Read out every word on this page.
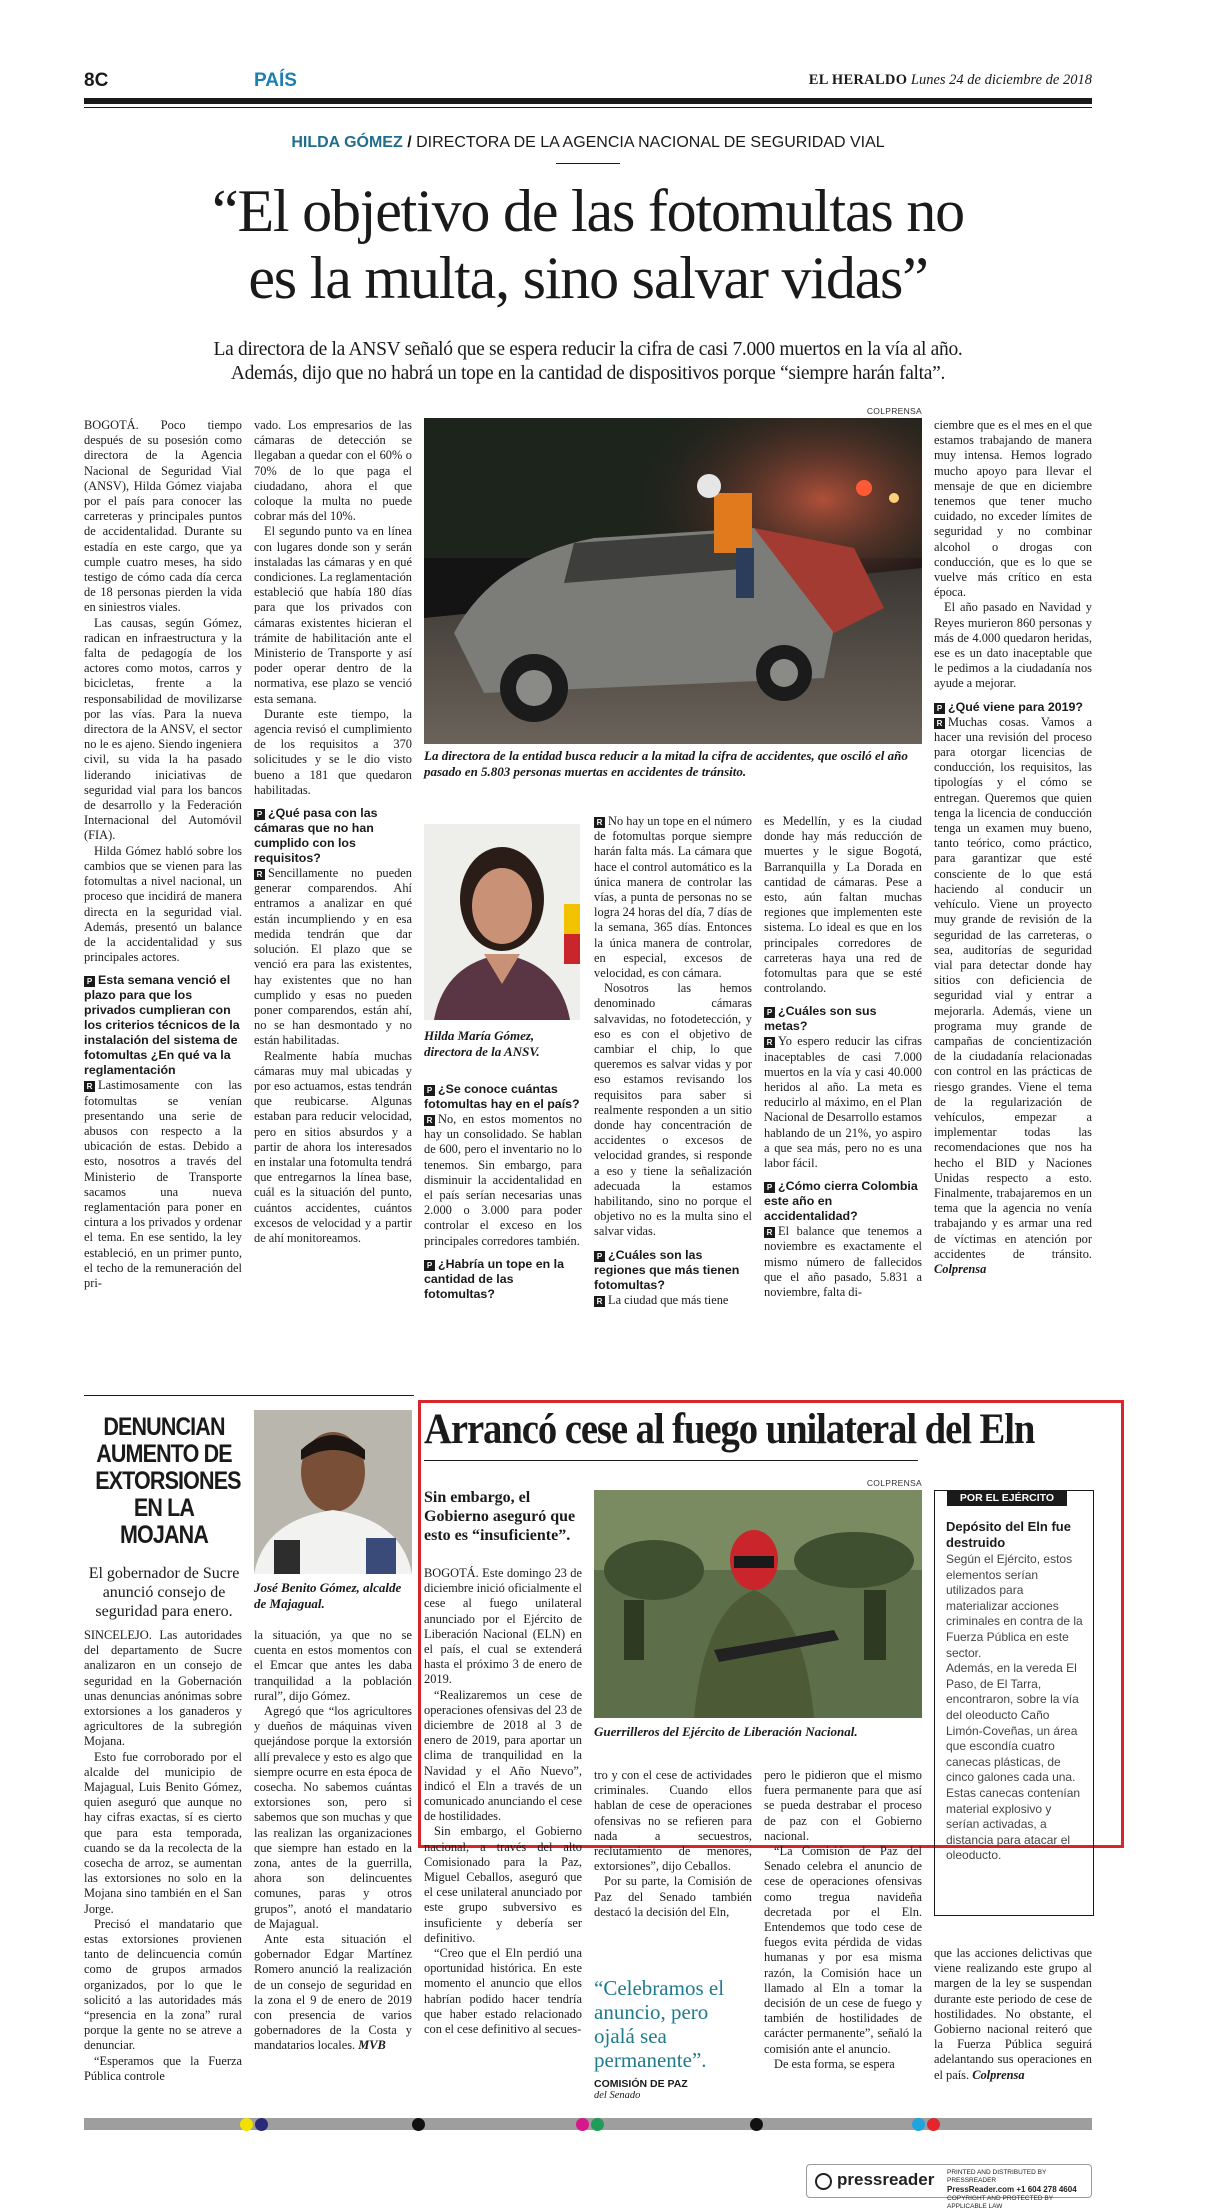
8C	PAÍS	EL HERALDO Lunes 24 de diciembre de 2018
HILDA GÓMEZ / DIRECTORA DE LA AGENCIA NACIONAL DE SEGURIDAD VIAL
“El objetivo de las fotomultas no
es la multa, sino salvar vidas”
La directora de la ANSV señaló que se espera reducir la cifra de casi 7.000 muertos en la vía al año.
Además, dijo que no habrá un tope en la cantidad de dispositivos porque “siempre harán falta”.

BOGOTÁ. Poco tiempo después de su posesión como directora de la Agencia Nacional de Seguridad Vial (ANSV), Hilda Gómez viajaba por el país para conocer las carreteras y principales puntos de accidentalidad. Durante su estadía en este cargo, que ya cumple cuatro meses, ha sido testigo de cómo cada día cerca de 18 personas pierden la vida en siniestros viales.

Las causas, según Gómez, radican en infraestructura y la falta de pedagogía de los actores como motos, carros y bicicletas, frente a la responsabilidad de movilizarse por las vías. Para la nueva directora de la ANSV, el sector no le es ajeno. Siendo ingeniera civil, su vida la ha pasado liderando iniciativas de seguridad vial para los bancos de desarrollo y la Federación Internacional del Automóvil (FIA).

Hilda Gómez habló sobre los cambios que se vienen para las fotomultas a nivel nacional, un proceso que incidirá de manera directa en la seguridad vial. Además, presentó un balance de la accidentalidad y sus principales actores.

P Esta semana venció el plazo para que los privados cumplieran con los criterios técnicos de la instalación del sistema de fotomultas ¿En qué va la reglamentación

R Lastimosamente con las fotomultas se venían presentando una serie de abusos con respecto a la ubicación de estas. Debido a esto, nosotros a través del Ministerio de Transporte sacamos una nueva reglamentación para poner en cintura a los privados y ordenar el tema. En ese sentido, la ley estableció, en un primer punto, el techo de la remuneración del pri-

vado. Los empresarios de las cámaras de detección se llegaban a quedar con el 60% o 70% de lo que paga el ciudadano, ahora el que coloque la multa no puede cobrar más del 10%.

El segundo punto va en línea con lugares donde son y serán instaladas las cámaras y en qué condiciones. La reglamentación estableció que había 180 días para que los privados con cámaras existentes hicieran el trámite de habilitación ante el Ministerio de Transporte y así poder operar dentro de la normativa, ese plazo se venció esta semana.

Durante este tiempo, la agencia revisó el cumplimiento de los requisitos a 370 solicitudes y se le dio visto bueno a 181 que quedaron habilitadas.

P ¿Qué pasa con las cámaras que no han cumplido con los requisitos?

R Sencillamente no pueden generar comparendos. Ahí entramos a analizar en qué están incumpliendo y en esa medida tendrán que dar solución. El plazo que se venció era para las existentes, hay existentes que no han cumplido y esas no pueden poner comparendos, están ahí, no se han desmontado y no están habilitadas.

Realmente había muchas cámaras muy mal ubicadas y por eso actuamos, estas tendrán que reubicarse. Algunas estaban para reducir velocidad, pero en sitios absurdos y a partir de ahora los interesados en instalar una fotomulta tendrá que entregarnos la línea base, cuál es la situación del punto, cuántos accidentes, cuántos excesos de velocidad y a partir de ahí monitoreamos.

COLPRENSA
La directora de la entidad busca reducir a la mitad la cifra de accidentes, que osciló el año pasado en 5.803 personas muertas en accidentes de tránsito.
Hilda María Gómez, directora de la ANSV.

P ¿Se conoce cuántas fotomultas hay en el país?

R No, en estos momentos no hay un consolidado. Se hablan de 600, pero el inventario no lo tenemos. Sin embargo, para disminuir la accidentalidad en el país serían necesarias unas 2.000 o 3.000 para poder controlar el exceso en los principales corredores también.

P ¿Habría un tope en la cantidad de las fotomultas?

R No hay un tope en el número de fotomultas porque siempre harán falta más. La cámara que hace el control automático es la única manera de controlar las vías, a punta de personas no se logra 24 horas del día, 7 días de la semana, 365 días. Entonces la única manera de controlar, en especial, excesos de velocidad, es con cámara.

Nosotros las hemos denominado cámaras salvavidas, no fotodetección, y eso es con el objetivo de cambiar el chip, lo que queremos es salvar vidas y por eso estamos revisando los requisitos para saber si realmente responden a un sitio donde hay concentración de accidentes o excesos de velocidad grandes, si responde a eso y tiene la señalización adecuada la estamos habilitando, sino no porque el objetivo no es la multa sino el salvar vidas.

P ¿Cuáles son las regiones que más tienen fotomultas?

R La ciudad que más tiene

es Medellín, y es la ciudad donde hay más reducción de muertes y le sigue Bogotá, Barranquilla y La Dorada en cantidad de cámaras. Pese a esto, aún faltan muchas regiones que implementen este sistema. Lo ideal es que en los principales corredores de carreteras haya una red de fotomultas para que se esté controlando.

P ¿Cuáles son sus metas?

R Yo espero reducir las cifras inaceptables de casi 7.000 muertos en la vía y casi 40.000 heridos al año. La meta es reducirlo al máximo, en el Plan Nacional de Desarrollo estamos hablando de un 21%, yo aspiro a que sea más, pero no es una labor fácil.

P ¿Cómo cierra Colombia este año en accidentalidad?

R El balance que tenemos a noviembre es exactamente el mismo número de fallecidos que el año pasado, 5.831 a noviembre, falta di-

ciembre que es el mes en el que estamos trabajando de manera muy intensa. Hemos logrado mucho apoyo para llevar el mensaje de que en diciembre tenemos que tener mucho cuidado, no exceder límites de seguridad y no combinar alcohol o drogas con conducción, que es lo que se vuelve más crítico en esta época.

El año pasado en Navidad y Reyes murieron 860 personas y más de 4.000 quedaron heridas, ese es un dato inaceptable que le pedimos a la ciudadanía nos ayude a mejorar.

P ¿Qué viene para 2019?

R Muchas cosas. Vamos a hacer una revisión del proceso para otorgar licencias de conducción, los requisitos, las tipologías y el cómo se entregan. Queremos que quien tenga la licencia de conducción tenga un examen muy bueno, tanto teórico, como práctico, para garantizar que esté consciente de lo que está haciendo al conducir un vehículo. Viene un proyecto muy grande de revisión de la seguridad de las carreteras, o sea, auditorías de seguridad vial para detectar donde hay sitios con deficiencia de seguridad vial y entrar a mejorarla. Además, viene un programa muy grande de campañas de concientización de la ciudadanía relacionadas con control en las prácticas de riesgo grandes. Viene el tema de la regularización de vehículos, empezar a implementar todas las recomendaciones que nos ha hecho el BID y Naciones Unidas respecto a esto. Finalmente, trabajaremos en un tema que la agencia no venía trabajando y es armar una red de víctimas en atención por accidentes de tránsito. Colprensa

DENUNCIAN AUMENTO DE EXTORSIONES EN LA MOJANA
El gobernador de Sucre anunció consejo de seguridad para enero.
José Benito Gómez, alcalde de Majagual.

SINCELEJO. Las autoridades del departamento de Sucre analizaron en un consejo de seguridad en la Gobernación unas denuncias anónimas sobre extorsiones a los ganaderos y agricultores de la subregión Mojana.

Esto fue corroborado por el alcalde del municipio de Majagual, Luis Benito Gómez, quien aseguró que aunque no hay cifras exactas, sí es cierto que para esta temporada, cuando se da la recolecta de la cosecha de arroz, se aumentan las extorsiones no solo en la Mojana sino también en el San Jorge.

Precisó el mandatario que estas extorsiones provienen tanto de delincuencia común como de grupos armados organizados, por lo que le solicitó a las autoridades más “presencia en la zona” rural porque la gente no se atreve a denunciar.

“Esperamos que la Fuerza Pública controle

la situación, ya que no se cuenta en estos momentos con el Emcar que antes les daba tranquilidad a la población rural”, dijo Gómez.

Agregó que “los agricultores y dueños de máquinas viven quejándose porque la extorsión allí prevalece y esto es algo que siempre ocurre en esta época de cosecha. No sabemos cuántas extorsiones son, pero si sabemos que son muchas y que las realizan las organizaciones que siempre han estado en la zona, antes de la guerrilla, ahora son delincuentes comunes, paras y otros grupos”, anotó el mandatario de Majagual.

Ante esta situación el gobernador Edgar Martínez Romero anunció la realización de un consejo de seguridad en la zona el 9 de enero de 2019 con presencia de varios gobernadores de la Costa y mandatarios locales. MVB

Arrancó cese al fuego unilateral del Eln
Sin embargo, el Gobierno aseguró que esto es “insuficiente”.
COLPRENSA
Guerrilleros del Ejército de Liberación Nacional.

BOGOTÁ. Este domingo 23 de diciembre inició oficialmente el cese al fuego unilateral anunciado por el Ejército de Liberación Nacional (ELN) en el país, el cual se extenderá hasta el próximo 3 de enero de 2019.

“Realizaremos un cese de operaciones ofensivas del 23 de diciembre de 2018 al 3 de enero de 2019, para aportar un clima de tranquilidad en la Navidad y el Año Nuevo”, indicó el Eln a través de un comunicado anunciando el cese de hostilidades.

Sin embargo, el Gobierno nacional, a través del alto Comisionado para la Paz, Miguel Ceballos, aseguró que el cese unilateral anunciado por este grupo subversivo es insuficiente y debería ser definitivo.

“Creo que el Eln perdió una oportunidad histórica. En este momento el anuncio que ellos habrían podido hacer tendría que haber estado relacionado con el cese definitivo al secues-

tro y con el cese de actividades criminales. Cuando ellos hablan de cese de operaciones ofensivas no se refieren para nada a secuestros, reclutamiento de menores, extorsiones”, dijo Ceballos.

Por su parte, la Comisión de Paz del Senado también destacó la decisión del Eln,

“Celebramos el anuncio, pero ojalá sea permanente”.
COMISIÓN DE PAZ
del Senado

pero le pidieron que el mismo fuera permanente para que así se pueda destrabar el proceso de paz con el Gobierno nacional.

“La Comisión de Paz del Senado celebra el anuncio de cese de operaciones ofensivas como tregua navideña decretada por el Eln. Entendemos que todo cese de fuegos evita pérdida de vidas humanas y por esa misma razón, la Comisión hace un llamado al Eln a tomar la decisión de un cese de fuego y también de hostilidades de carácter permanente”, señaló la comisión ante el anuncio.

De esta forma, se espera

POR EL EJÉRCITO
Depósito del Eln fue destruido

Según el Ejército, estos elementos serían utilizados para materializar acciones criminales en contra de la Fuerza Pública en este sector.

Además, en la vereda El Paso, de El Tarra, encontraron, sobre la vía del oleoducto Caño Limón-Coveñas, un área que escondía cuatro canecas plásticas, de cinco galones cada una.

Estas canecas contenían material explosivo y serían activadas, a distancia para atacar el oleoducto.

que las acciones delictivas que viene realizando este grupo al margen de la ley se suspendan durante este periodo de cese de hostilidades. No obstante, el Gobierno nacional reiteró que la Fuerza Pública seguirá adelantando sus operaciones en el país. Colprensa

pressreader PRINTED AND DISTRIBUTED BY PRESSREADER
PressReader.com +1 604 278 4604
COPYRIGHT AND PROTECTED BY APPLICABLE LAW
